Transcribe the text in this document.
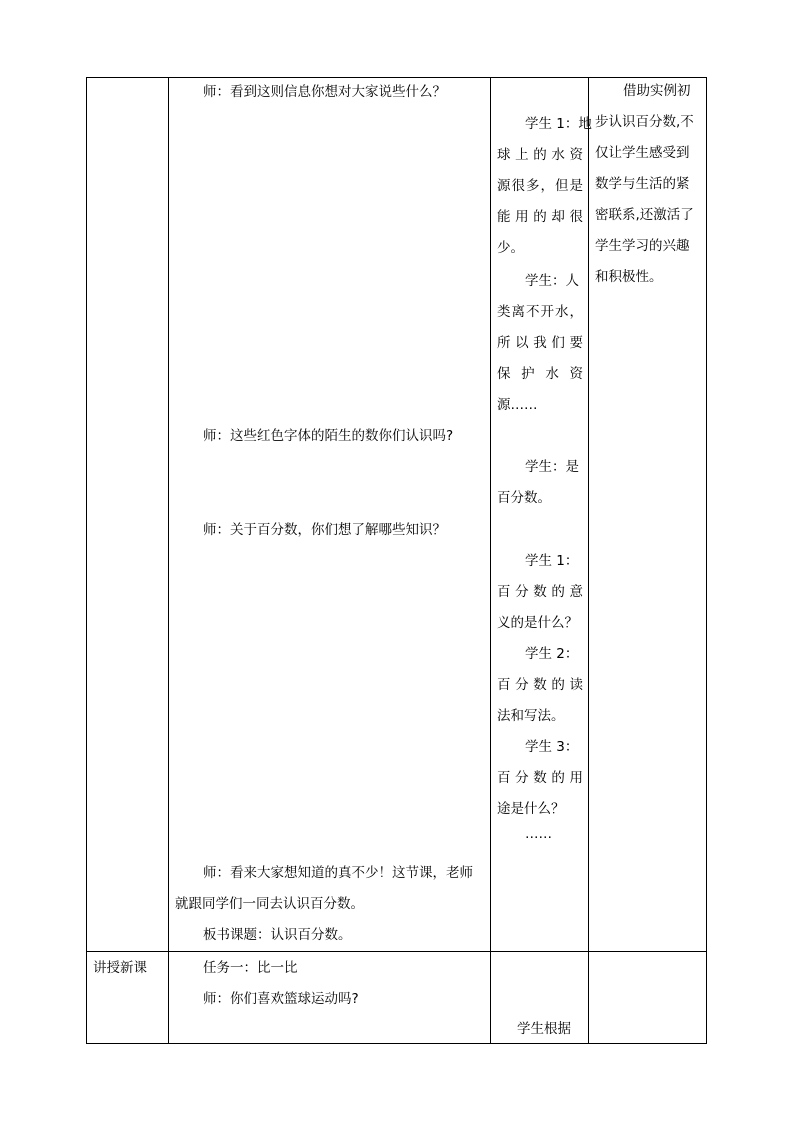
师：看到这则信息你想对大家说些什么？
师：这些红色字体的陌生的数你们认识吗?
师：关于百分数，你们想了解哪些知识？
师：看来大家想知道的真不少！这节课，老师
就跟同学们一同去认识百分数。
板书课题：认识百分数。
学生 1：地
球上的水资
源很多，但是
能用的却很
少。
学生：人
类离不开水，
所以我们要
保护水资
源……
学生：是
百分数。
学生 1：
百分数的意
义的是什么？
学生 2：
百分数的读
法和写法。
学生 3：
百分数的用
途是什么？
……
借助实例初
步认识百分数,不
仅让学生感受到
数学与生活的紧
密联系,还激活了
学生学习的兴趣
和积极性。
讲授新课	任务一：比一比
师：你们喜欢篮球运动吗?
学生根据
